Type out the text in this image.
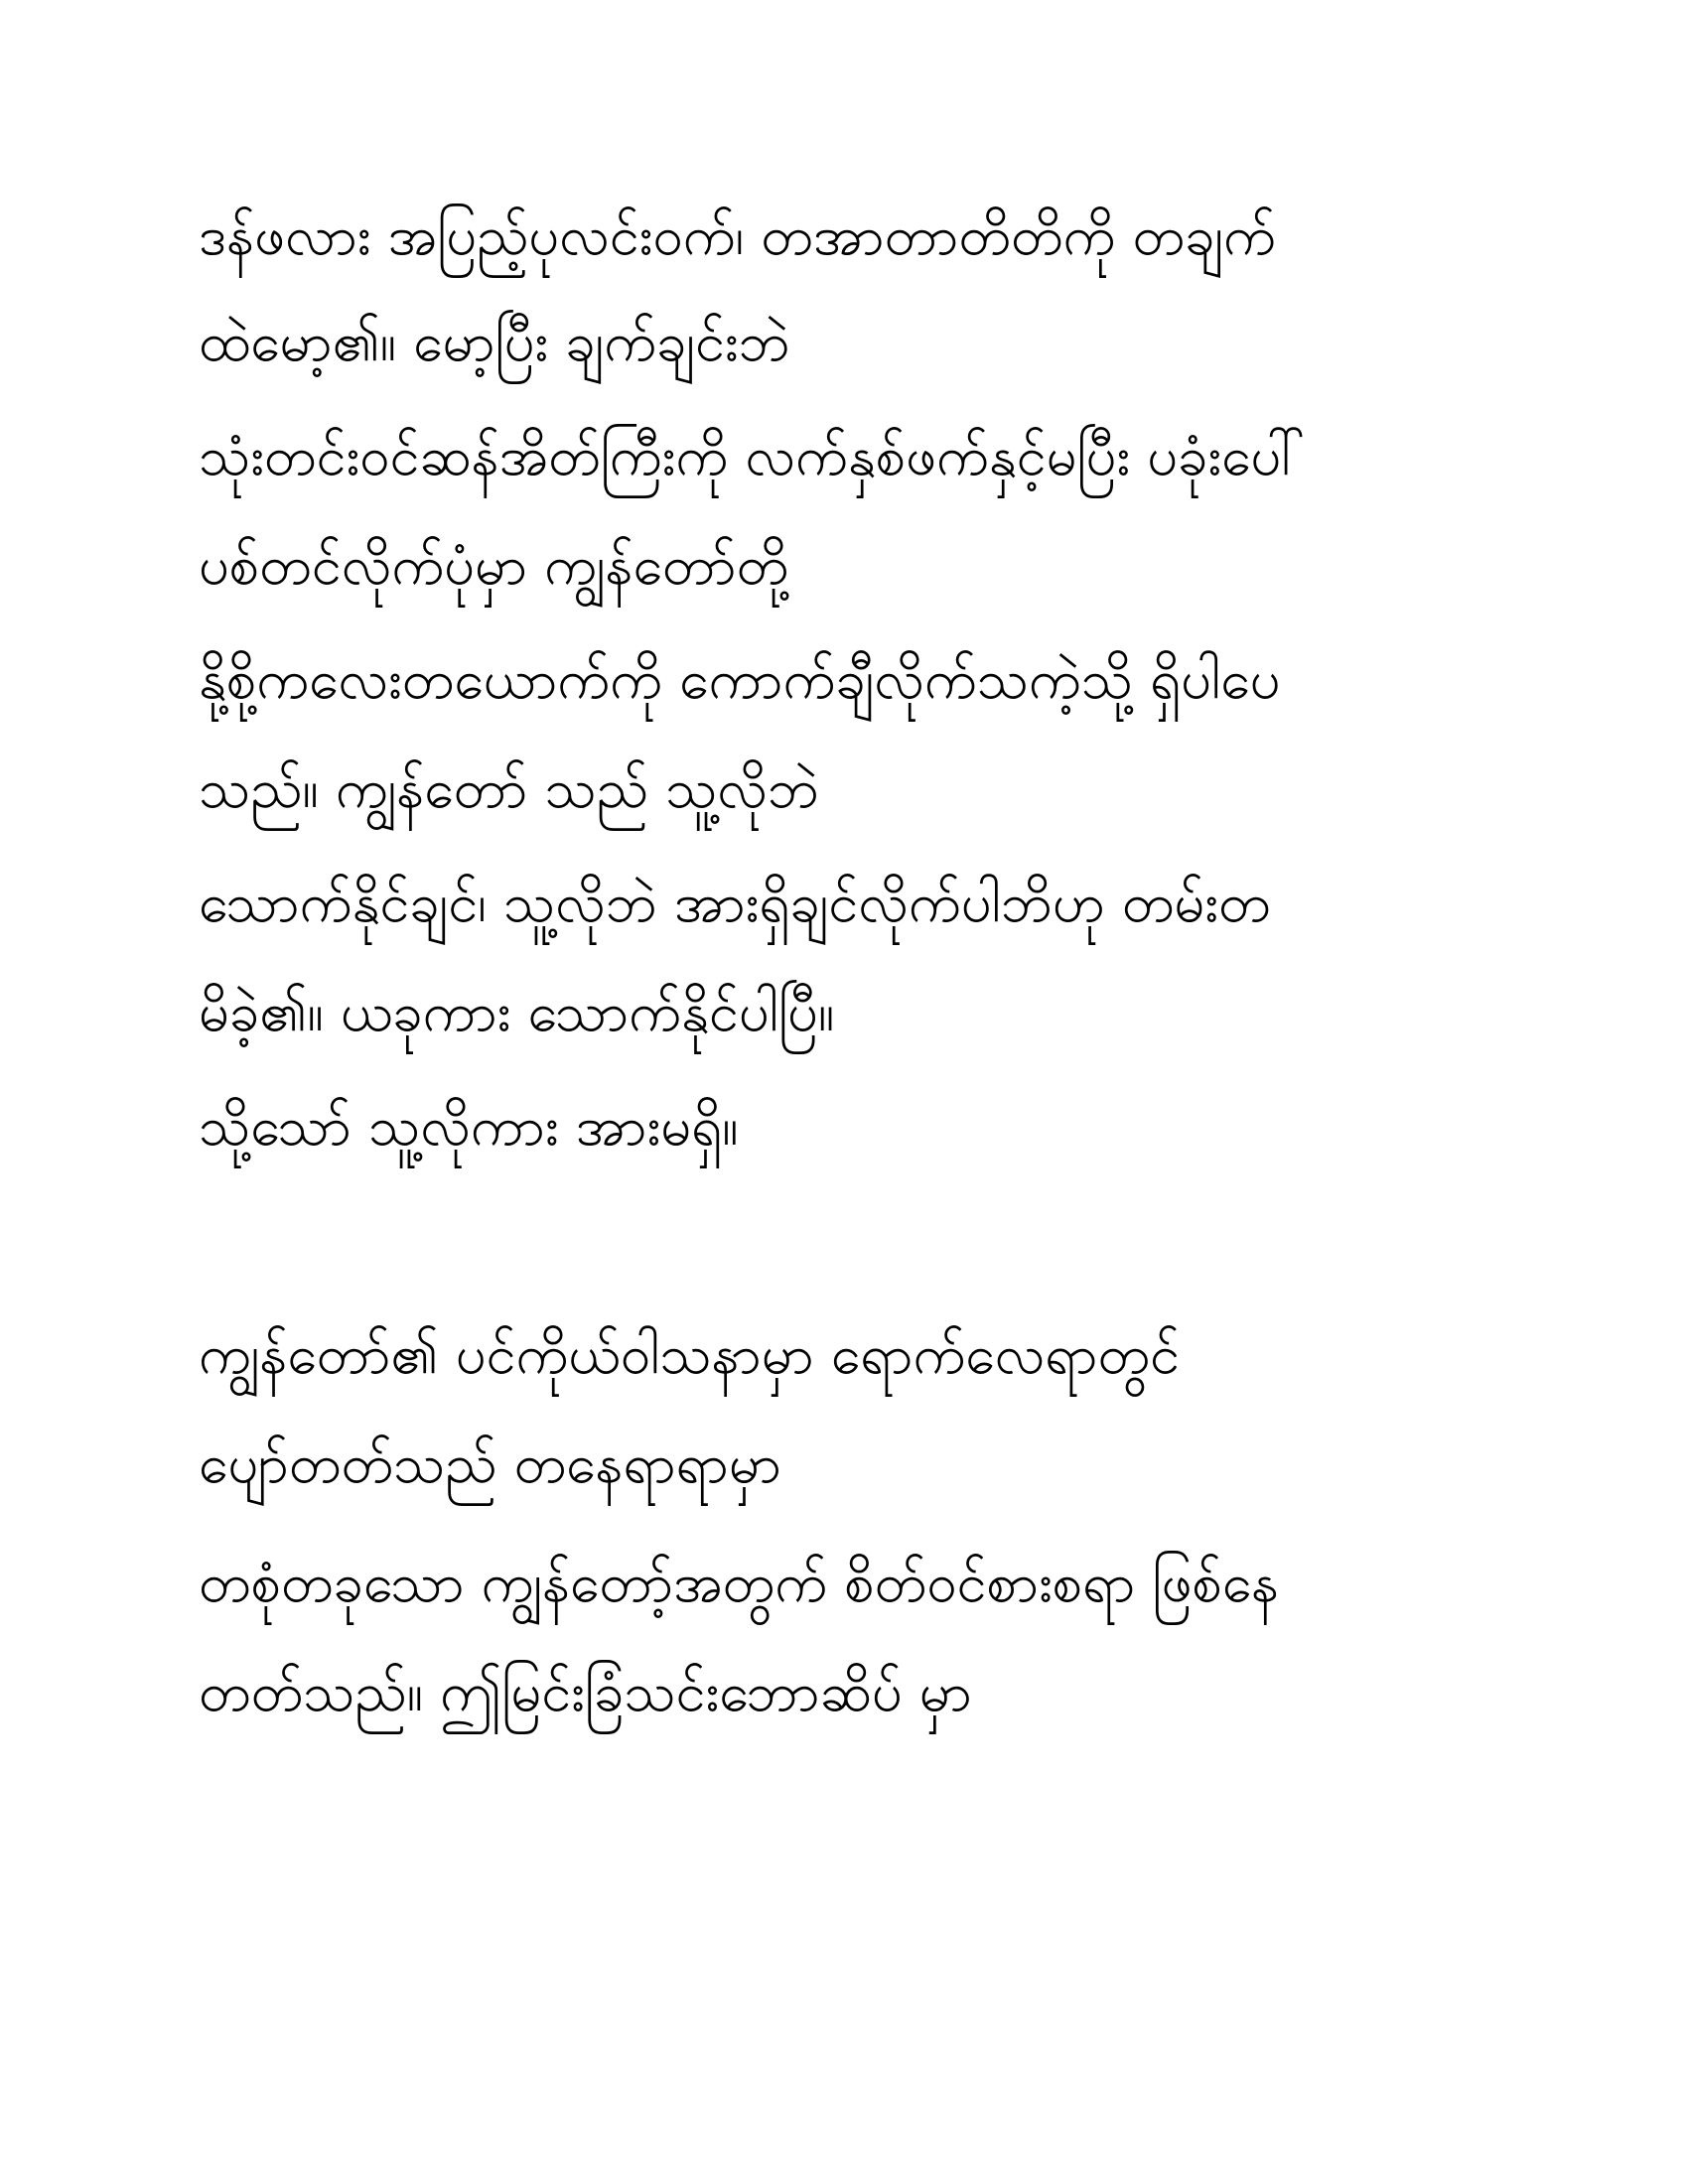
ဒန်ဖလား အပြည့်ပုလင်းဝက်၊ တအာတာတိတိကို တချက်
ထဲမော့၏။ မော့ပြီး ချက်ချင်းဘဲ
သုံးတင်းဝင်ဆန်အိတ်ကြီးကို လက်နှစ်ဖက်နှင့်မပြီး ပခုံးပေါ်
ပစ်တင်လိုက်ပုံမှာ ကျွန်တော်တို့
နို့စို့ကလေးတယောက်ကို ကောက်ချီလိုက်သကဲ့သို့ ရှိပါပေ
သည်။ ကျွန်တော် သည် သူ့လိုဘဲ
သောက်နိုင်ချင်၊ သူ့လိုဘဲ အားရှိချင်လိုက်ပါဘိဟု တမ်းတ
မိခဲ့၏။ ယခုကား သောက်နိုင်ပါပြီ။
သို့သော် သူ့လိုကား အားမရှိ။
ကျွန်တော်၏ ပင်ကိုယ်ဝါသနာမှာ ရောက်လေရာတွင်
ပျော်တတ်သည် တနေရာရာမှာ
တစုံတခုသော ကျွန်တော့်အတွက် စိတ်ဝင်စားစရာ ဖြစ်နေ
တတ်သည်။ ဤမြင်းခြံသင်းဘောဆိပ် မှာ
